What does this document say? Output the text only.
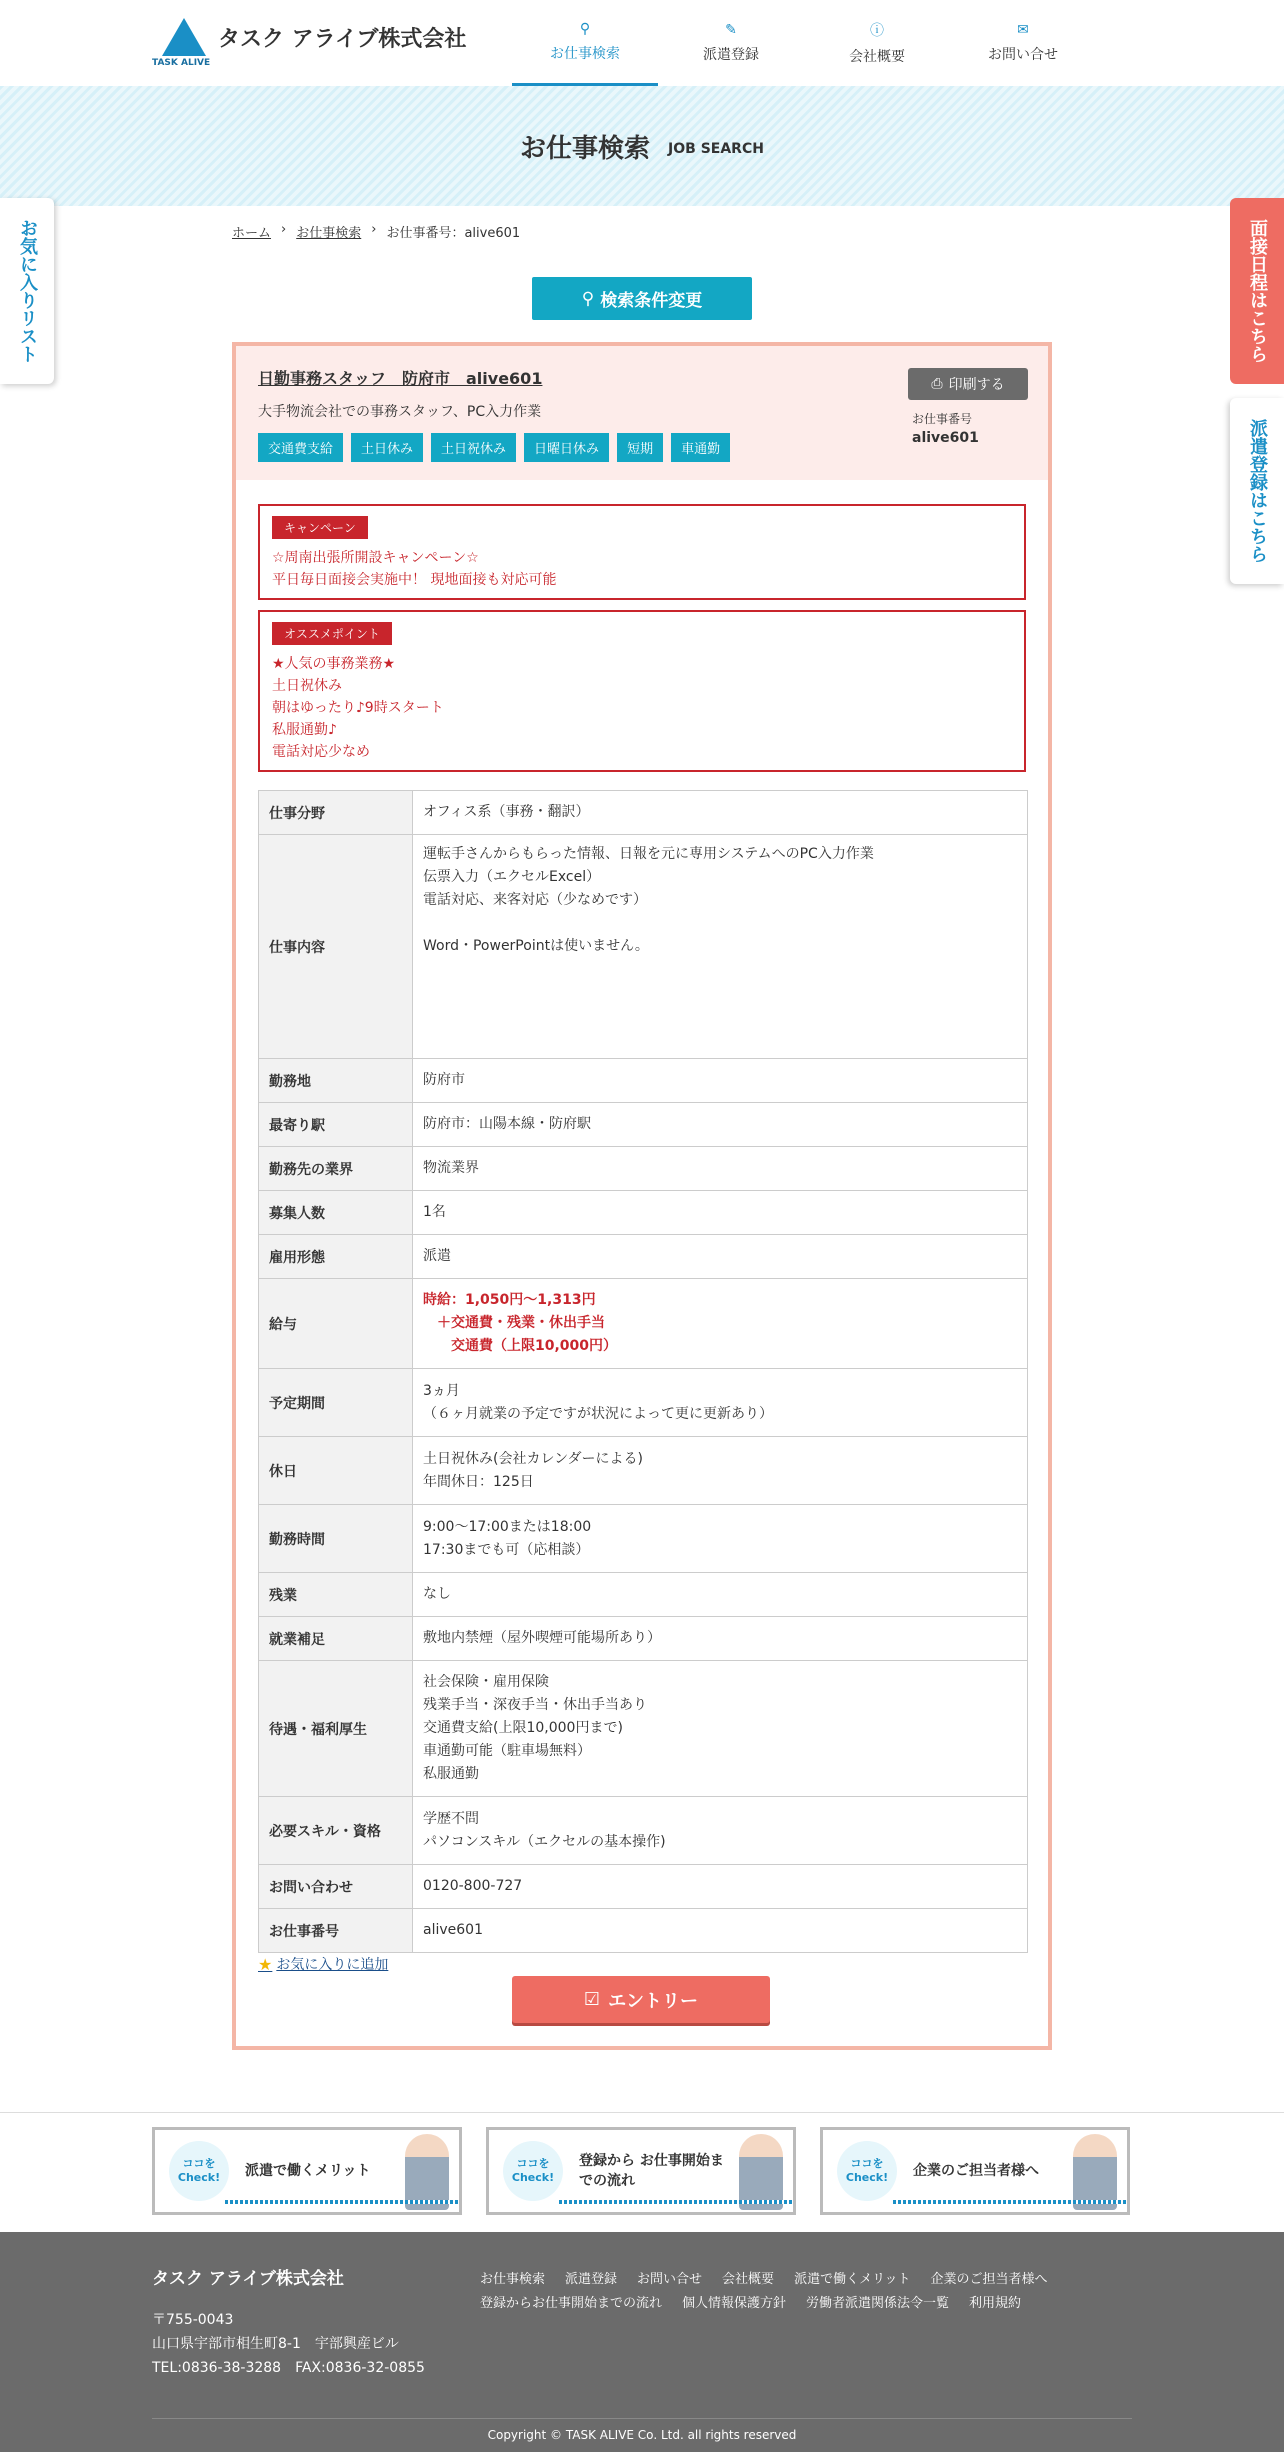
TASK ALIVE
タスク アライブ株式会社	⚲
お仕事検索
✎
派遣登録
ⓘ
会社概要
✉
お問い合せ
お仕事検索 JOB SEARCH
ホーム › お仕事検索 › お仕事番号：alive601
⚲ 検索条件変更
お気に入りリスト	面接日程はこちら
派遣登録はこちら
日勤事務スタッフ　防府市　alive601
大手物流会社での事務スタッフ、PC入力作業
交通費支給	土日休み	土日祝休み	日曜日休み	短期	車通勤
⎙ 印刷する
お仕事番号
alive601
キャンペーン
☆周南出張所開設キャンペーン☆
平日毎日面接会実施中！ 現地面接も対応可能
オススメポイント
★人気の事務業務★
土日祝休み
朝はゆったり♪9時スタート
私服通勤♪
電話対応少なめ
仕事分野	オフィス系（事務・翻訳）

仕事内容	運転手さんからもらった情報、日報を元に専用システムへのPC入力作業
伝票入力（エクセルExcel）
電話対応、来客対応（少なめです）
Word・PowerPointは使いません。

勤務地	防府市

最寄り駅	防府市：山陽本線・防府駅

勤務先の業界	物流業界

募集人数	1名

雇用形態	派遣

給与	時給：1,050円～1,313円
　＋交通費・残業・休出手当
　　交通費（上限10,000円）

予定期間	3ヵ月
（６ヶ月就業の予定ですが状況によって更に更新あり）

休日	土日祝休み(会社カレンダーによる)
年間休日：125日

勤務時間	9:00～17:00または18:00
17:30までも可（応相談）

残業	なし

就業補足	敷地内禁煙（屋外喫煙可能場所あり）

待遇・福利厚生	社会保険・雇用保険
残業手当・深夜手当・休出手当あり
交通費支給(上限10,000円まで)
車通勤可能（駐車場無料）
私服通勤

必要スキル・資格	学歴不問
パソコンスキル（エクセルの基本操作)

お問い合わせ	0120-800-727

お仕事番号	alive601
★ お気に入りに追加
☑ エントリー
ココを Check!	派遣で働くメリット	ココを Check!
登録から お仕事開始までの流れ
ココを Check!	企業のご担当者様へ
タスク アライブ株式会社
〒755-0043
山口県宇部市相生町8-1　宇部興産ビル
TEL:0836-38-3288　FAX:0836-32-0855
お仕事検索 派遣登録 お問い合せ 会社概要 派遣で働くメリット 企業のご担当者様へ
登録からお仕事開始までの流れ 個人情報保護方針 労働者派遣関係法令一覧 利用規約
Copyright © TASK ALIVE Co. Ltd. all rights reserved
